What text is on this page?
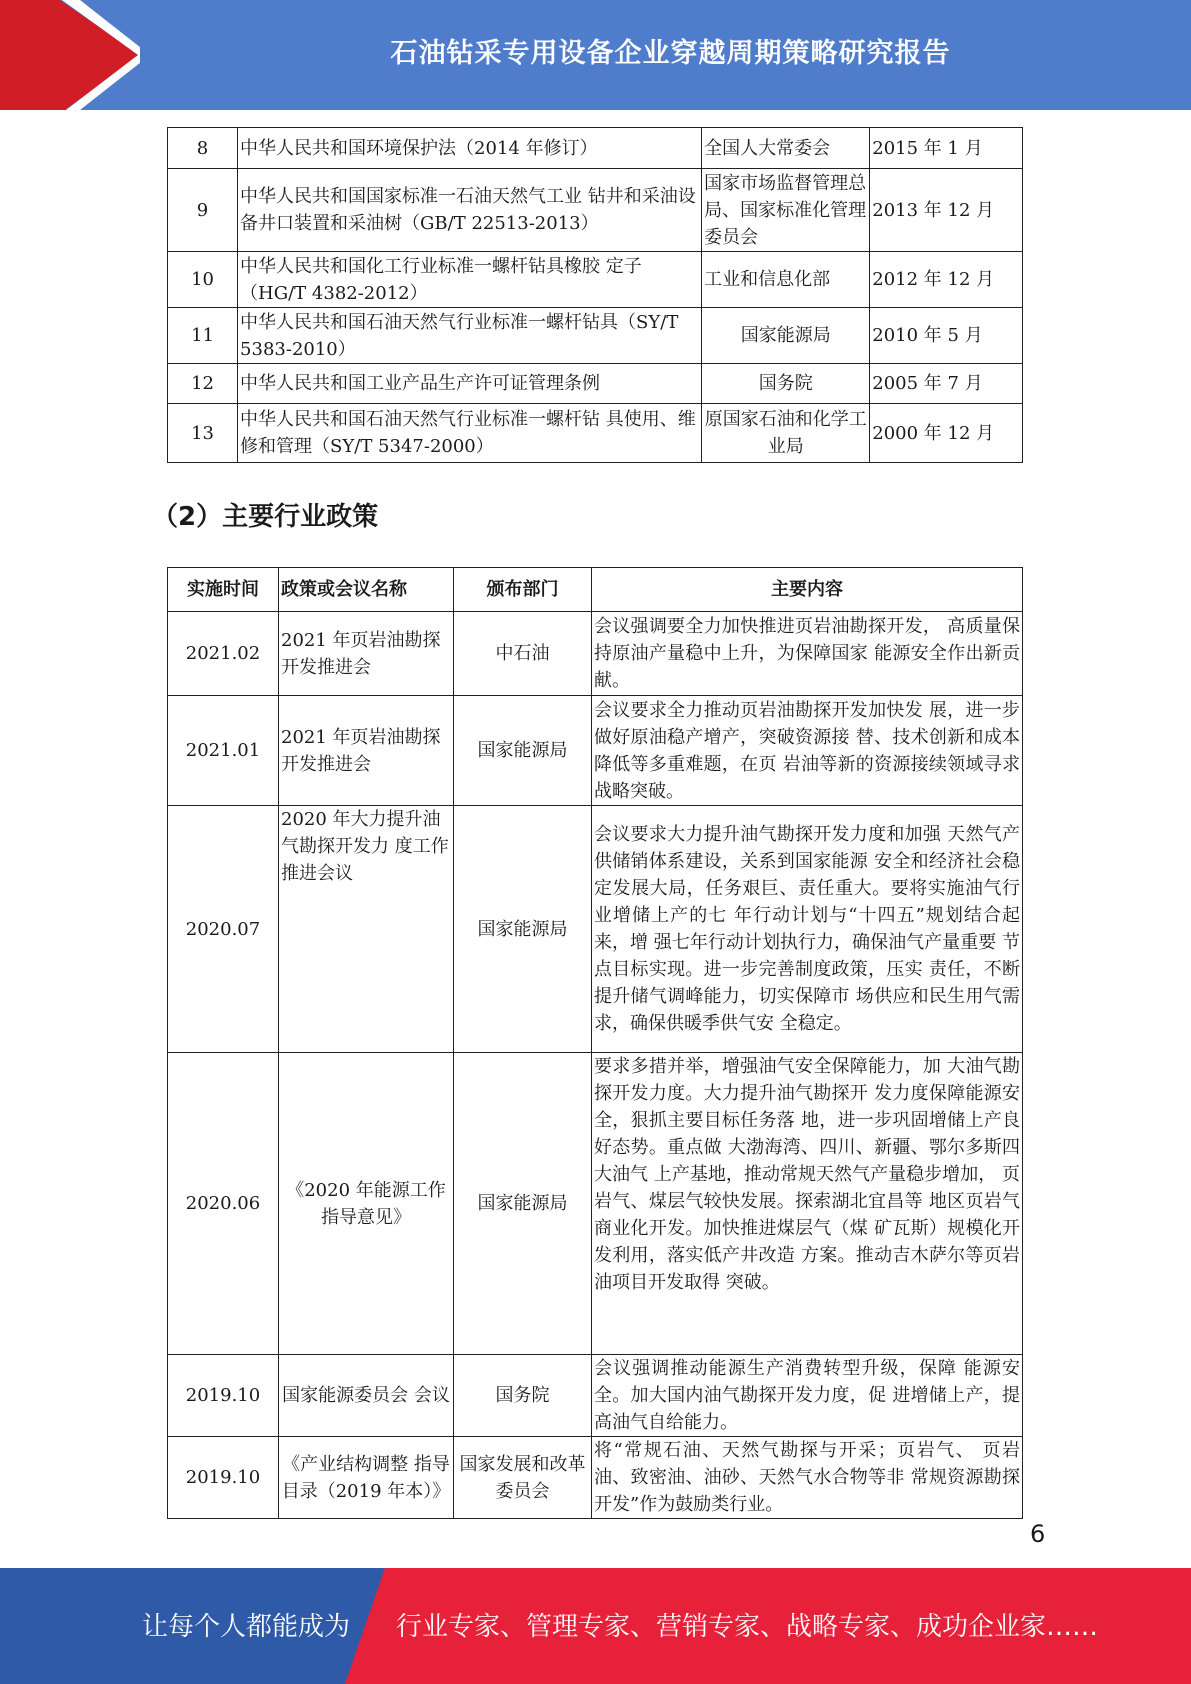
石油钻采专用设备企业穿越周期策略研究报告
8	中华人民共和国环境保护法（2014 年修订）	全国人大常委会	2015 年 1 月
9	中华人民共和国国家标准一石油天然气工业 钻井和采油设备井口装置和采油树（GB/T 22513-2013）	国家市场监督管理总局、国家标准化管理委员会	2013 年 12 月
10	中华人民共和国化工行业标准一螺杆钻具橡胶 定子（HG/T 4382-2012）	工业和信息化部	2012 年 12 月
11	中华人民共和国石油天然气行业标准一螺杆钻具（SY/T 5383-2010）	国家能源局	2010 年 5 月
12	中华人民共和国工业产品生产许可证管理条例	国务院	2005 年 7 月
13	中华人民共和国石油天然气行业标准一螺杆钻 具使用、维修和管理（SY/T 5347-2000）	原国家石油和化学工业局	2000 年 12 月
（2）主要行业政策
实施时间	政策或会议名称	颁布部门	主要内容
2021.02	2021 年页岩油勘探开发推进会	中石油	会议强调要全力加快推进页岩油勘探开发， 高质量保持原油产量稳中上升，为保障国家 能源安全作出新贡献。
2021.01	2021 年页岩油勘探开发推进会	国家能源局	会议要求全力推动页岩油勘探开发加快发 展，进一步做好原油稳产增产，突破资源接 替、技术创新和成本降低等多重难题，在页 岩油等新的资源接续领域寻求战略突破。
2020.07	2020 年大力提升油气勘探开发力 度工作推进会议	国家能源局	会议要求大力提升油气勘探开发力度和加强 天然气产供储销体系建设，关系到国家能源 安全和经济社会稳定发展大局，任务艰巨、责任重大。要将实施油气行业增储上产的七 年行动计划与“十四五”规划结合起来，增 强七年行动计划执行力，确保油气产量重要 节点目标实现。进一步完善制度政策，压实 责任，不断提升储气调峰能力，切实保障市 场供应和民生用气需求，确保供暖季供气安 全稳定。
2020.06	《2020 年能源工作指导意见》	国家能源局	要求多措并举，增强油气安全保障能力，加 大油气勘探开发力度。大力提升油气勘探开 发力度保障能源安全，狠抓主要目标任务落 地，进一步巩固增储上产良好态势。重点做 大渤海湾、四川、新疆、鄂尔多斯四大油气 上产基地，推动常规天然气产量稳步增加， 页岩气、煤层气较快发展。探索湖北宜昌等 地区页岩气商业化开发。加快推进煤层气（煤 矿瓦斯）规模化开发利用，落实低产井改造 方案。推动吉木萨尔等页岩油项目开发取得 突破。
2019.10	国家能源委员会 会议	国务院	会议强调推动能源生产消费转型升级，保障 能源安全。加大国内油气勘探开发力度，促 进增储上产，提高油气自给能力。
2019.10	《产业结构调整 指导目录（2019 年本）》	国家发展和改革委员会	将“常规石油、天然气勘探与开采；页岩气、 页岩油、致密油、油砂、天然气水合物等非 常规资源勘探开发”作为鼓励类行业。
6
让每个人都能成为 行业专家、管理专家、营销专家、战略专家、成功企业家……
